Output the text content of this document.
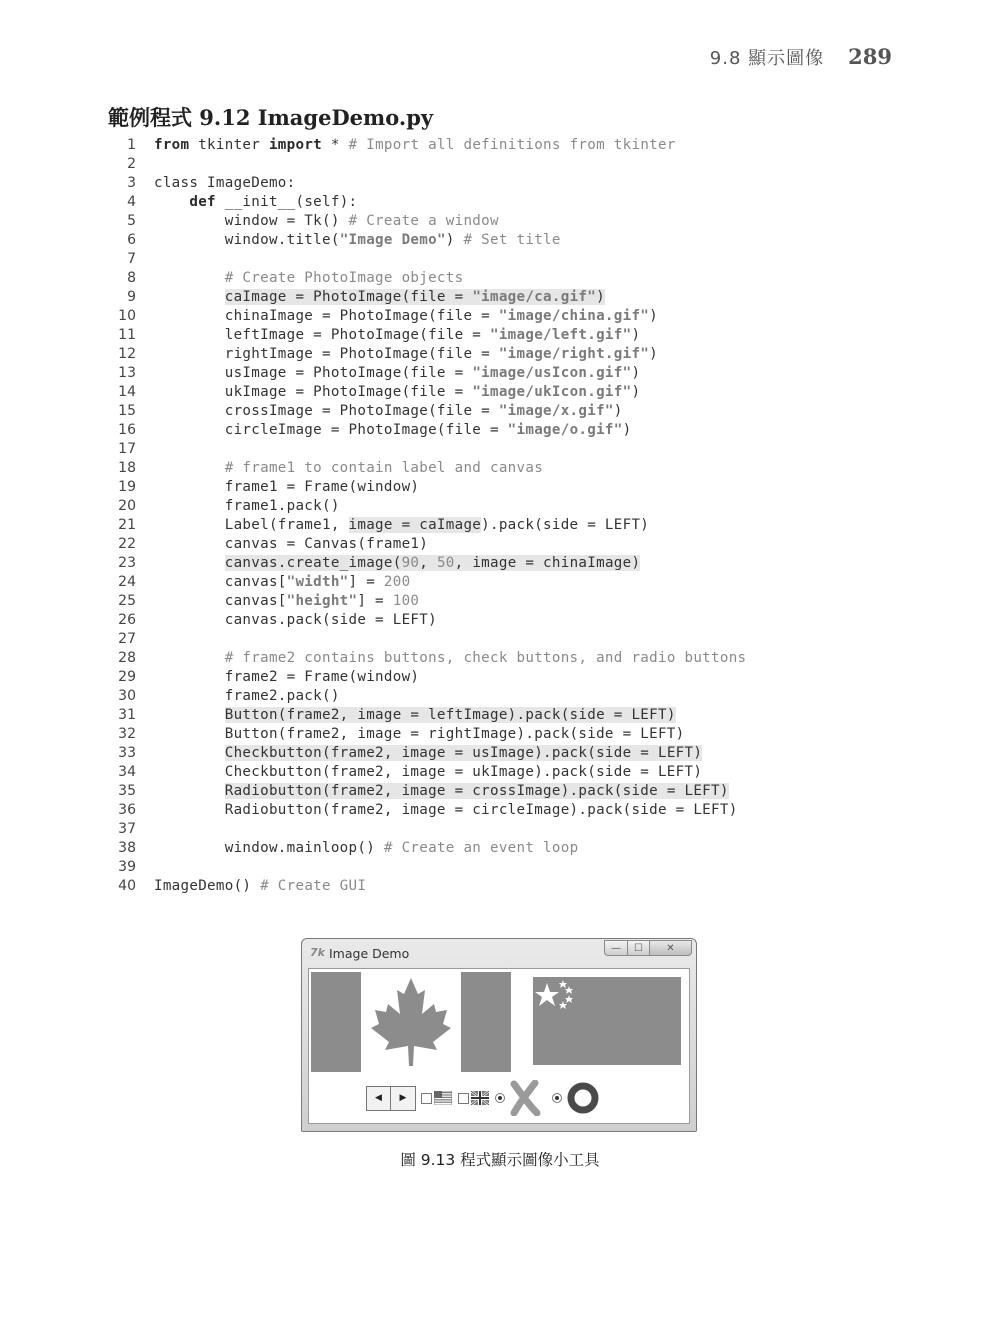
9.8 顯示圖像 289
範例程式 9.12 ImageDemo.py
1 from tkinter import * # Import all definitions from tkinter
2
3 class ImageDemo:
4	def __init__(self):
5 window = Tk() # Create a window
6 window.title("Image Demo") # Set title
7
8	# Create PhotoImage objects
9	caImage = PhotoImage(file = "image/ca.gif")
10 chinaImage = PhotoImage(file = "image/china.gif")
11 leftImage = PhotoImage(file = "image/left.gif")
12 rightImage = PhotoImage(file = "image/right.gif")
13 usImage = PhotoImage(file = "image/usIcon.gif")
14 ukImage = PhotoImage(file = "image/ukIcon.gif")
15 crossImage = PhotoImage(file = "image/x.gif")
16 circleImage = PhotoImage(file = "image/o.gif")
17
18	# frame1 to contain label and canvas
19 frame1 = Frame(window)
20 frame1.pack()
21 Label(frame1, image = caImage).pack(side = LEFT)
22 canvas = Canvas(frame1)
23	canvas.create_image(90, 50, image = chinaImage)
24 canvas["width"] = 200
25 canvas["height"] = 100
26 canvas.pack(side = LEFT)
27
28	# frame2 contains buttons, check buttons, and radio buttons
29 frame2 = Frame(window)
30 frame2.pack()
31	Button(frame2, image = leftImage).pack(side = LEFT)
32 Button(frame2, image = rightImage).pack(side = LEFT)
33	Checkbutton(frame2, image = usImage).pack(side = LEFT)
34 Checkbutton(frame2, image = ukImage).pack(side = LEFT)
35	Radiobutton(frame2, image = crossImage).pack(side = LEFT)
36 Radiobutton(frame2, image = circleImage).pack(side = LEFT)
37
38 window.mainloop() # Create an event loop
39
40 ImageDemo() # Create GUI
7k Image Demo	—	☐	✕
◀ ▶
圖 9.13 程式顯示圖像小工具
